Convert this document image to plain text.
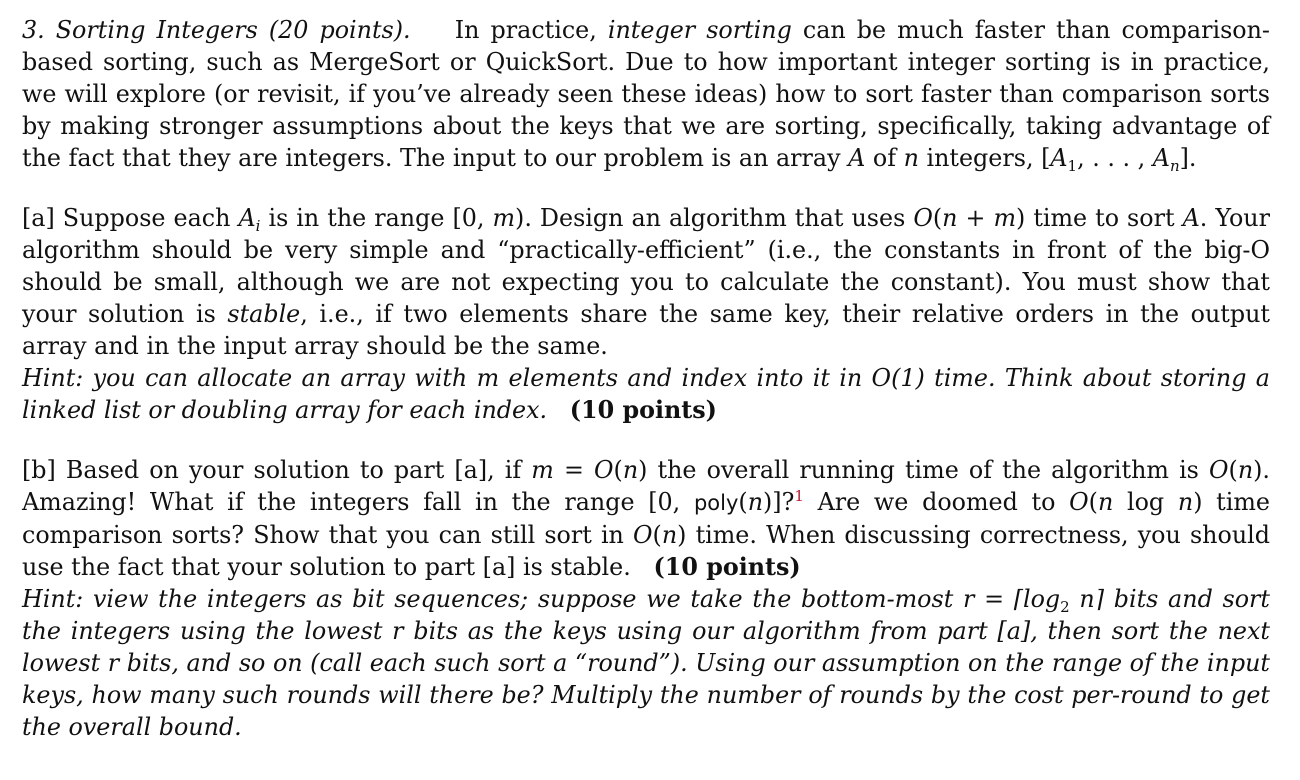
3. Sorting Integers (20 points). In practice, integer sorting can be much faster than comparison-based sorting, such as MergeSort or QuickSort. Due to how important integer sorting is in practice, we will explore (or revisit, if you’ve already seen these ideas) how to sort faster than comparison sorts by making stronger assumptions about the keys that we are sorting, specifically, taking advantage of the fact that they are integers. The input to our problem is an array A of n integers, [$A_1$, . . . , $A_n$].

[a] Suppose each $A_i$ is in the range [0, m). Design an algorithm that uses O(n + m) time to sort A. Your algorithm should be very simple and “practically-efficient” (i.e., the constants in front of the big-O should be small, although we are not expecting you to calculate the constant). You must show that your solution is stable, i.e., if two elements share the same key, their relative orders in the output array and in the input array should be the same.

Hint: you can allocate an array with m elements and index into it in O(1) time. Think about storing a linked list or doubling array for each index. (10 points)

[b] Based on your solution to part [a], if m = O(n) the overall running time of the algorithm is O(n). Amazing! What if the integers fall in the range [0, poly(n)]?$^1$ Are we doomed to O(n log n) time comparison sorts? Show that you can still sort in O(n) time. When discussing correctness, you should use the fact that your solution to part [a] is stable. (10 points)

Hint: view the integers as bit sequences; suppose we take the bottom-most $r = ⌈\log_2$ n⌉ bits and sort the integers using the lowest r bits as the keys using our algorithm from part [a], then sort the next lowest r bits, and so on (call each such sort a “round”). Using our assumption on the range of the input keys, how many such rounds will there be? Multiply the number of rounds by the cost per-round to get the overall bound.
